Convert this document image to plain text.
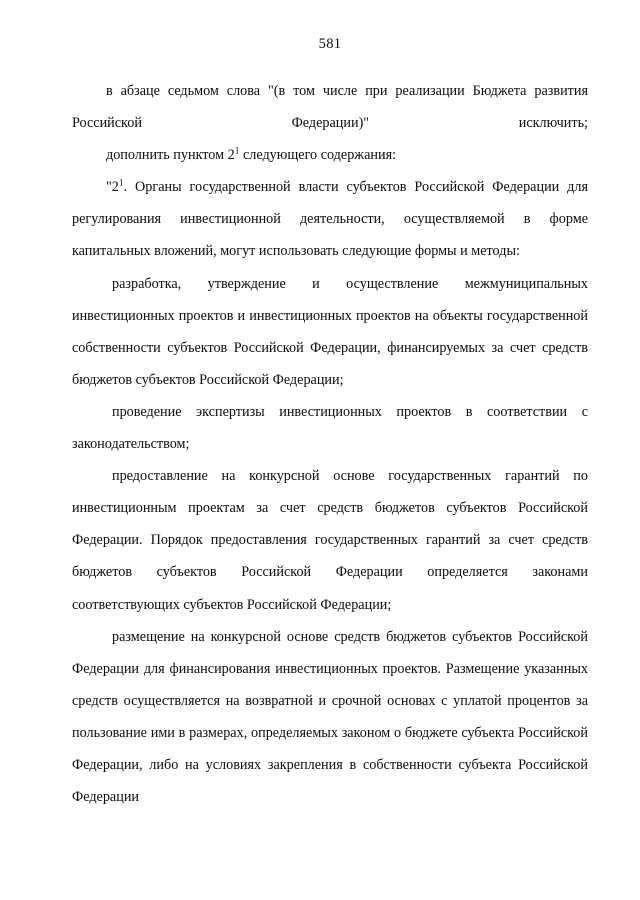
581

в абзаце седьмом слова "(в том числе при реализации Бюджета развития Российской Федерации)" исключить;

дополнить пунктом $2^1$ следующего содержания:

"$2^1$. Органы государственной власти субъектов Российской Федерации для регулирования инвестиционной деятельности, осуществляемой в форме капитальных вложений, могут использовать следующие формы и методы:

разработка, утверждение и осуществление межмуниципальных инвестиционных проектов и инвестиционных проектов на объекты государственной собственности субъектов Российской Федерации, финансируемых за счет средств бюджетов субъектов Российской Федерации;

проведение экспертизы инвестиционных проектов в соответствии с законодательством;

предоставление на конкурсной основе государственных гарантий по инвестиционным проектам за счет средств бюджетов субъектов Российской Федерации. Порядок предоставления государственных гарантий за счет средств бюджетов субъектов Российской Федерации определяется законами соответствующих субъектов Российской Федерации;

размещение на конкурсной основе средств бюджетов субъектов Российской Федерации для финансирования инвестиционных проектов. Размещение указанных средств осуществляется на возвратной и срочной основах с уплатой процентов за пользование ими в размерах, определяемых законом о бюджете субъекта Российской Федерации, либо на условиях закрепления в собственности субъекта Российской Федерации
